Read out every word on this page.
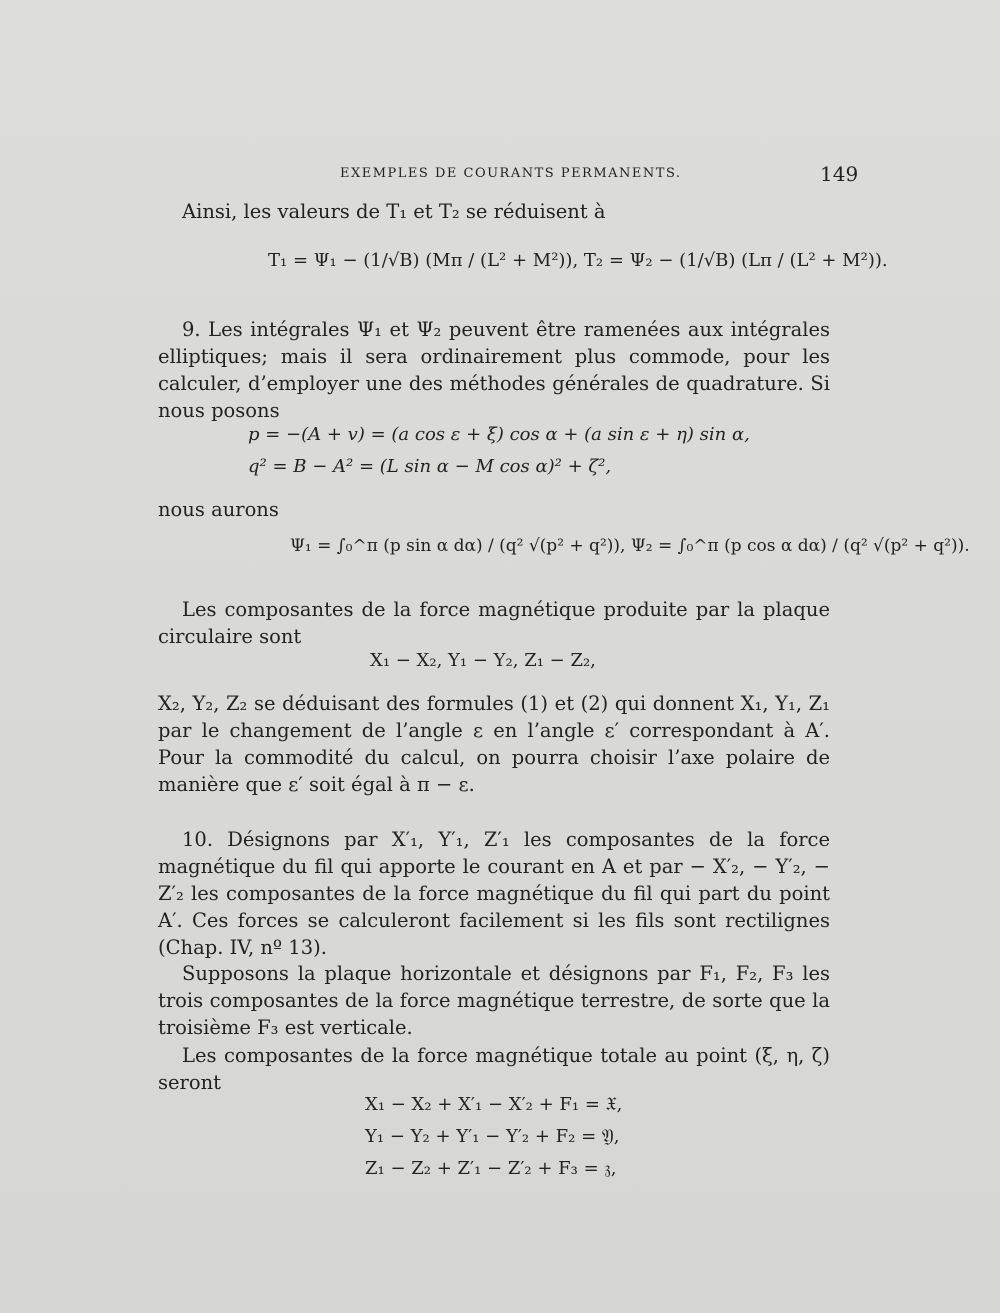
EXEMPLES DE COURANTS PERMANENTS.	149
Ainsi, les valeurs de T₁ et T₂ se réduisent à
T₁ = Ψ₁ − (1/√B) (Mπ / (L² + M²)), T₂ = Ψ₂ − (1/√B) (Lπ / (L² + M²)).
9. Les intégrales Ψ₁ et Ψ₂ peuvent être ramenées aux intégrales elliptiques; mais il sera ordinairement plus commode, pour les calculer, d’employer une des méthodes générales de quadrature. Si nous posons
p = −(A + v) = (a cos ε + ξ) cos α + (a sin ε + η) sin α,
q² = B − A² = (L sin α − M cos α)² + ζ²,
nous aurons
Ψ₁ = ∫₀^π (p sin α dα) / (q² √(p² + q²)), Ψ₂ = ∫₀^π (p cos α dα) / (q² √(p² + q²)).
Les composantes de la force magnétique produite par la plaque circulaire sont
X₁ − X₂, Y₁ − Y₂, Z₁ − Z₂,
X₂, Y₂, Z₂ se déduisant des formules (1) et (2) qui donnent X₁, Y₁, Z₁ par le changement de l’angle ε en l’angle ε′ correspondant à A′. Pour la commodité du calcul, on pourra choisir l’axe polaire de manière que ε′ soit égal à π − ε.
10. Désignons par X′₁, Y′₁, Z′₁ les composantes de la force magnétique du fil qui apporte le courant en A et par − X′₂, − Y′₂, − Z′₂ les composantes de la force magnétique du fil qui part du point A′. Ces forces se calculeront facilement si les fils sont rectilignes (Chap. IV, nº 13).
Supposons la plaque horizontale et désignons par F₁, F₂, F₃ les trois composantes de la force magnétique terrestre, de sorte que la troisième F₃ est verticale.
Les composantes de la force magnétique totale au point (ξ, η, ζ) seront
X₁ − X₂ + X′₁ − X′₂ + F₁ = 𝔛,
Y₁ − Y₂ + Y′₁ − Y′₂ + F₂ = 𝔜,
Z₁ − Z₂ + Z′₁ − Z′₂ + F₃ = 𝔷,
